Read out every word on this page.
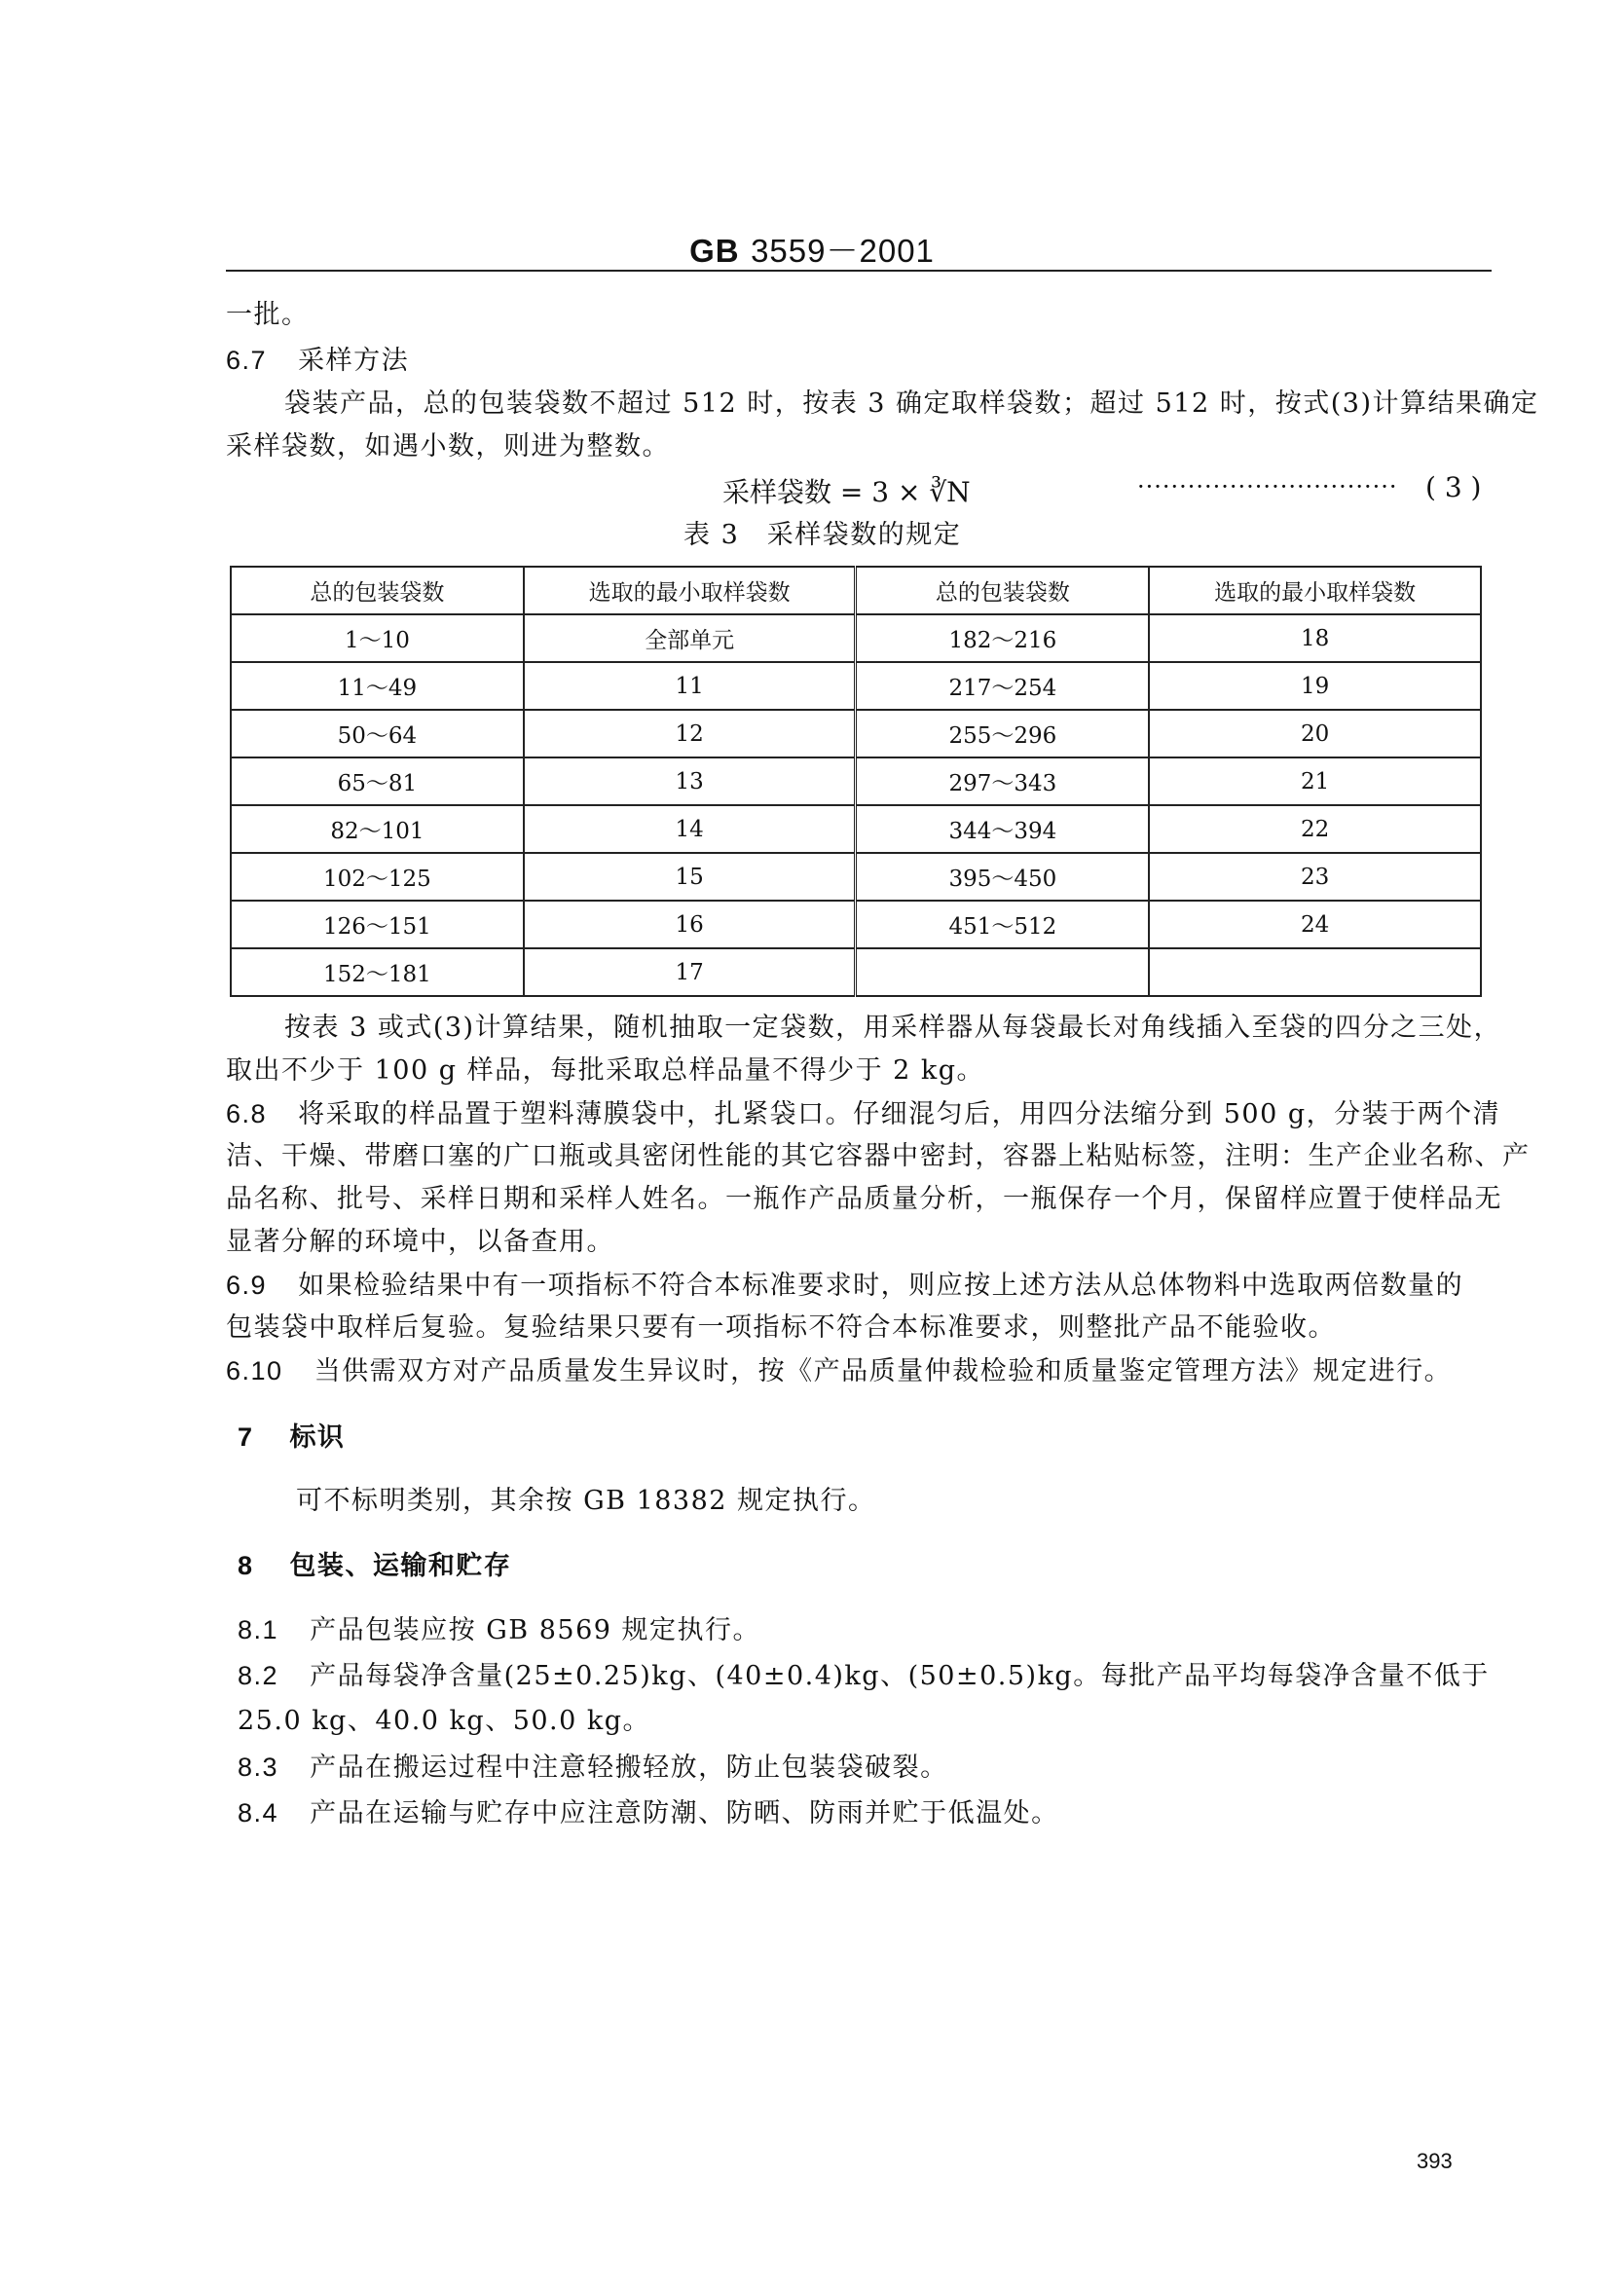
GB 3559－2001
一批。
6.7 采样方法
袋装产品，总的包装袋数不超过 512 时，按表 3 确定取样袋数；超过 512 时，按式(3)计算结果确定
采样袋数，如遇小数，则进为整数。
采样袋数 = 3 × ∛N	······························· ( 3 )
表 3　采样袋数的规定
总的包装袋数	选取的最小取样袋数	总的包装袋数	选取的最小取样袋数
1～10	全部单元	182～216	18
11～49	11	217～254	19
50～64	12	255～296	20
65～81	13	297～343	21
82～101	14	344～394	22
102～125	15	395～450	23
126～151	16	451～512	24
152～181	17		
按表 3 或式(3)计算结果，随机抽取一定袋数，用采样器从每袋最长对角线插入至袋的四分之三处，
取出不少于 100 g 样品，每批采取总样品量不得少于 2 kg。
6.8 将采取的样品置于塑料薄膜袋中，扎紧袋口。仔细混匀后，用四分法缩分到 500 g，分装于两个清
洁、干燥、带磨口塞的广口瓶或具密闭性能的其它容器中密封，容器上粘贴标签，注明：生产企业名称、产
品名称、批号、采样日期和采样人姓名。一瓶作产品质量分析，一瓶保存一个月，保留样应置于使样品无
显著分解的环境中，以备查用。
6.9 如果检验结果中有一项指标不符合本标准要求时，则应按上述方法从总体物料中选取两倍数量的
包装袋中取样后复验。复验结果只要有一项指标不符合本标准要求，则整批产品不能验收。
6.10 当供需双方对产品质量发生异议时，按《产品质量仲裁检验和质量鉴定管理方法》规定进行。
7 标识
可不标明类别，其余按 GB 18382 规定执行。
8 包装、运输和贮存
8.1 产品包装应按 GB 8569 规定执行。
8.2 产品每袋净含量(25±0.25)kg、(40±0.4)kg、(50±0.5)kg。每批产品平均每袋净含量不低于
25.0 kg、40.0 kg、50.0 kg。
8.3 产品在搬运过程中注意轻搬轻放，防止包装袋破裂。
8.4 产品在运输与贮存中应注意防潮、防晒、防雨并贮于低温处。
393
